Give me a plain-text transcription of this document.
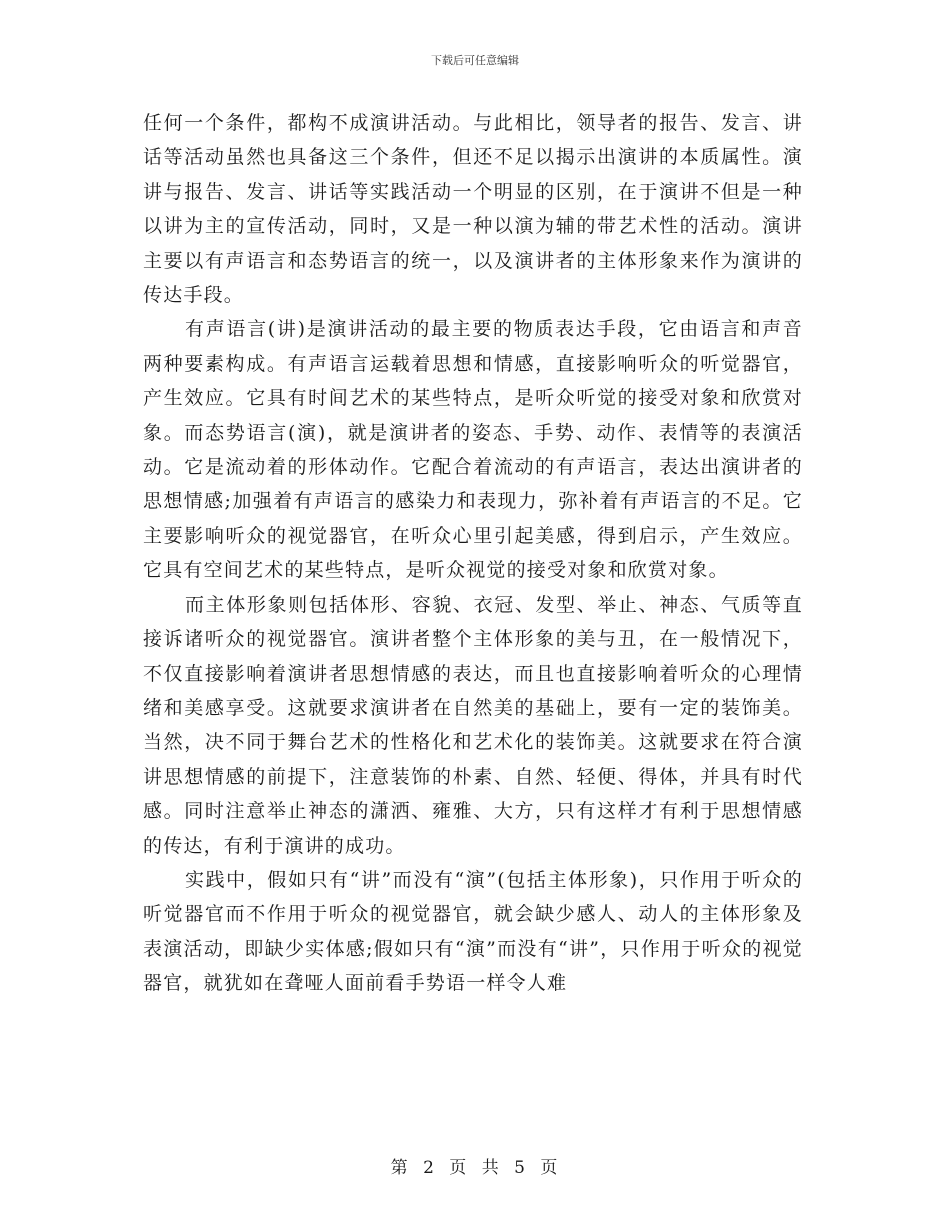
下载后可任意编辑

任何一个条件，都构不成演讲活动。与此相比，领导者的报告、发言、讲话等活动虽然也具备这三个条件，但还不足以揭示出演讲的本质属性。演讲与报告、发言、讲话等实践活动一个明显的区别，在于演讲不但是一种以讲为主的宣传活动，同时，又是一种以演为辅的带艺术性的活动。演讲主要以有声语言和态势语言的统一，以及演讲者的主体形象来作为演讲的传达手段。

有声语言(讲)是演讲活动的最主要的物质表达手段，它由语言和声音两种要素构成。有声语言运载着思想和情感，直接影响听众的听觉器官，产生效应。它具有时间艺术的某些特点，是听众听觉的接受对象和欣赏对象。而态势语言(演)，就是演讲者的姿态、手势、动作、表情等的表演活动。它是流动着的形体动作。它配合着流动的有声语言，表达出演讲者的思想情感;加强着有声语言的感染力和表现力，弥补着有声语言的不足。它主要影响听众的视觉器官，在听众心里引起美感，得到启示，产生效应。它具有空间艺术的某些特点，是听众视觉的接受对象和欣赏对象。

而主体形象则包括体形、容貌、衣冠、发型、举止、神态、气质等直接诉诸听众的视觉器官。演讲者整个主体形象的美与丑，在一般情况下，不仅直接影响着演讲者思想情感的表达，而且也直接影响着听众的心理情绪和美感享受。这就要求演讲者在自然美的基础上，要有一定的装饰美。当然，决不同于舞台艺术的性格化和艺术化的装饰美。这就要求在符合演讲思想情感的前提下，注意装饰的朴素、自然、轻便、得体，并具有时代感。同时注意举止神态的潇洒、雍雅、大方，只有这样才有利于思想情感的传达，有利于演讲的成功。

实践中，假如只有“讲”而没有“演”(包括主体形象)，只作用于听众的听觉器官而不作用于听众的视觉器官，就会缺少感人、动人的主体形象及表演活动，即缺少实体感;假如只有“演”而没有“讲”，只作用于听众的视觉器官，就犹如在聋哑人面前看手势语一样令人难

第 2 页 共 5 页
